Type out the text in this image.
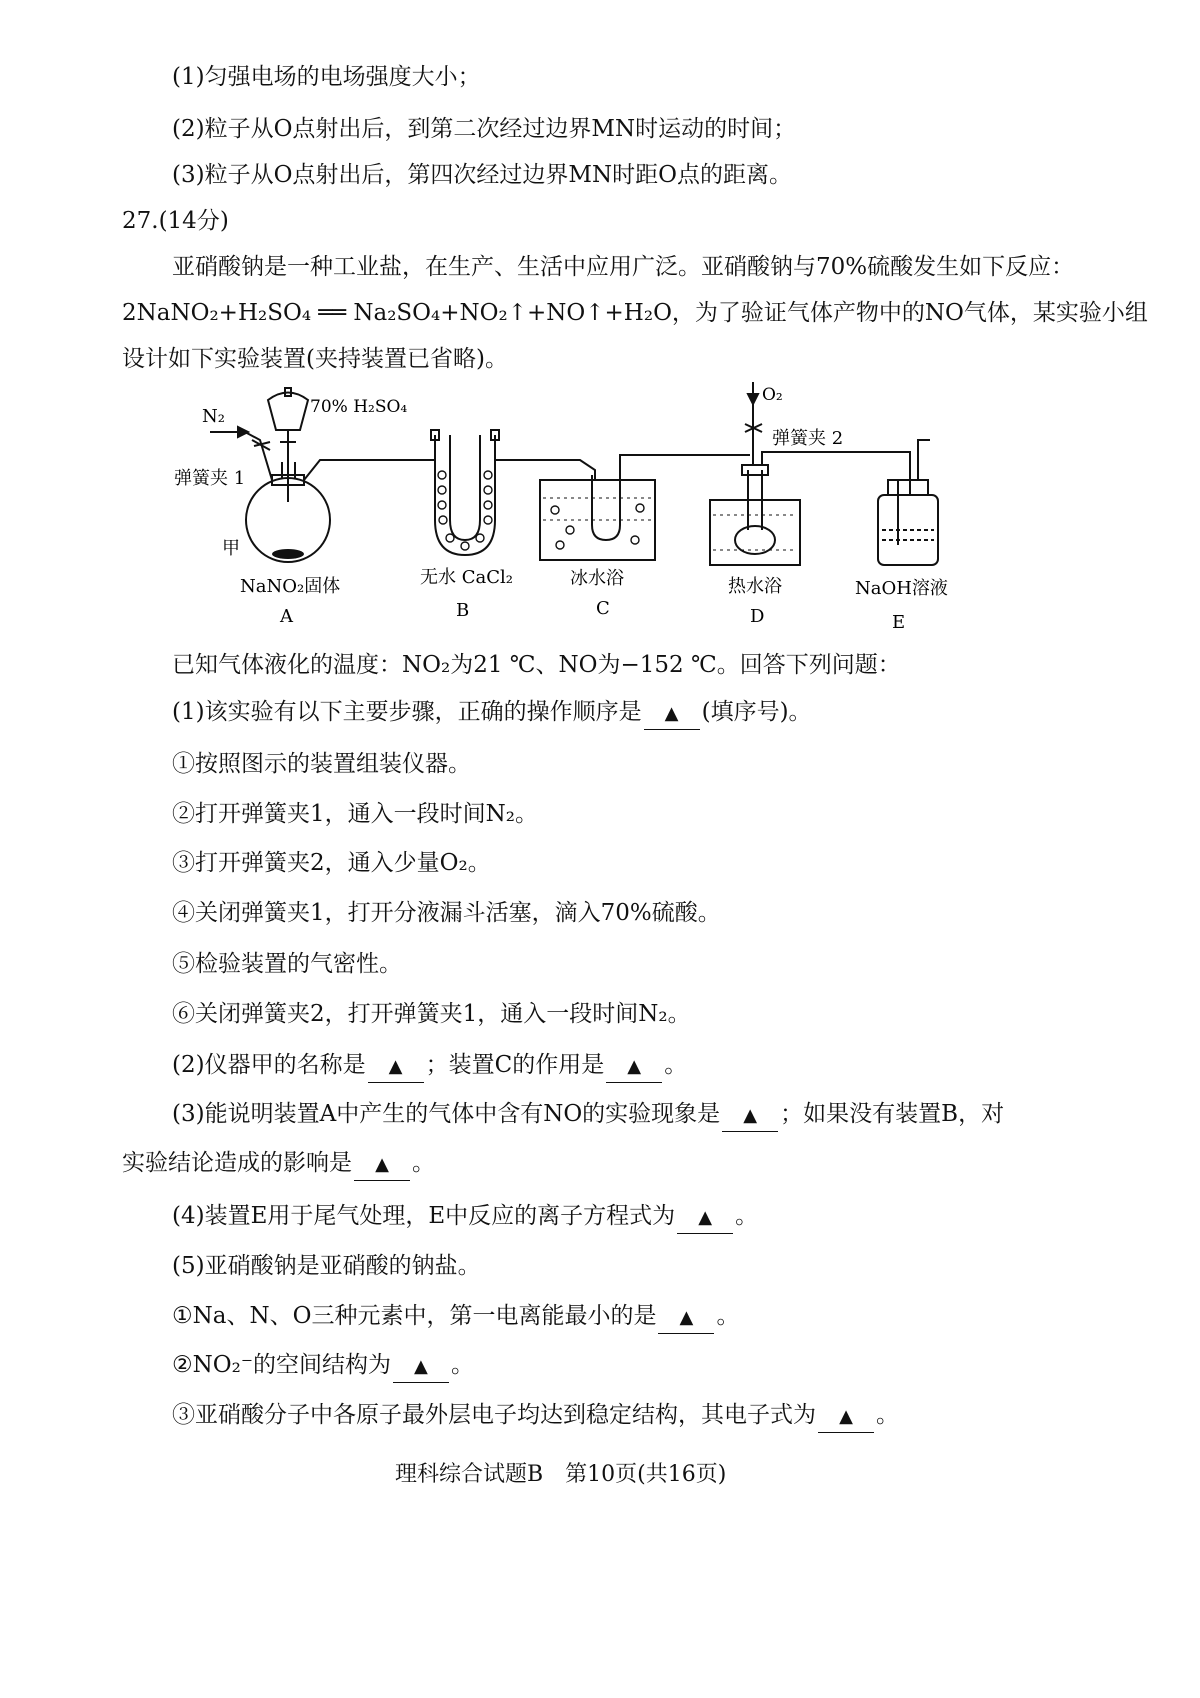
(1)匀强电场的电场强度大小；
(2)粒子从O点射出后，到第二次经过边界MN时运动的时间；
(3)粒子从O点射出后，第四次经过边界MN时距O点的距离。
27.(14分)
亚硝酸钠是一种工业盐，在生产、生活中应用广泛。亚硝酸钠与70%硫酸发生如下反应：
2NaNO₂+H₂SO₄ ══ Na₂SO₄+NO₂↑+NO↑+H₂O，为了验证气体产物中的NO气体，某实验小组
设计如下实验装置(夹持装置已省略)。
N₂	70% H₂SO₄
弹簧夹 1
甲
NaNO₂固体
A
无水 CaCl₂
B
冰水浴
C
O₂
弹簧夹 2
热水浴
D
NaOH溶液
E
已知气体液化的温度：NO₂为21 ℃、NO为−152 ℃。回答下列问题：
(1)该实验有以下主要步骤，正确的操作顺序是 ▲ (填序号)。
①按照图示的装置组装仪器。
②打开弹簧夹1，通入一段时间N₂。
③打开弹簧夹2，通入少量O₂。
④关闭弹簧夹1，打开分液漏斗活塞，滴入70%硫酸。
⑤检验装置的气密性。
⑥关闭弹簧夹2，打开弹簧夹1，通入一段时间N₂。
(2)仪器甲的名称是 ▲ ；装置C的作用是 ▲ 。
(3)能说明装置A中产生的气体中含有NO的实验现象是 ▲ ；如果没有装置B，对
实验结论造成的影响是 ▲ 。
(4)装置E用于尾气处理，E中反应的离子方程式为 ▲ 。
(5)亚硝酸钠是亚硝酸的钠盐。
①Na、N、O三种元素中，第一电离能最小的是 ▲ 。
②NO₂⁻的空间结构为 ▲ 。
③亚硝酸分子中各原子最外层电子均达到稳定结构，其电子式为 ▲ 。
理科综合试题B　第10页(共16页)
